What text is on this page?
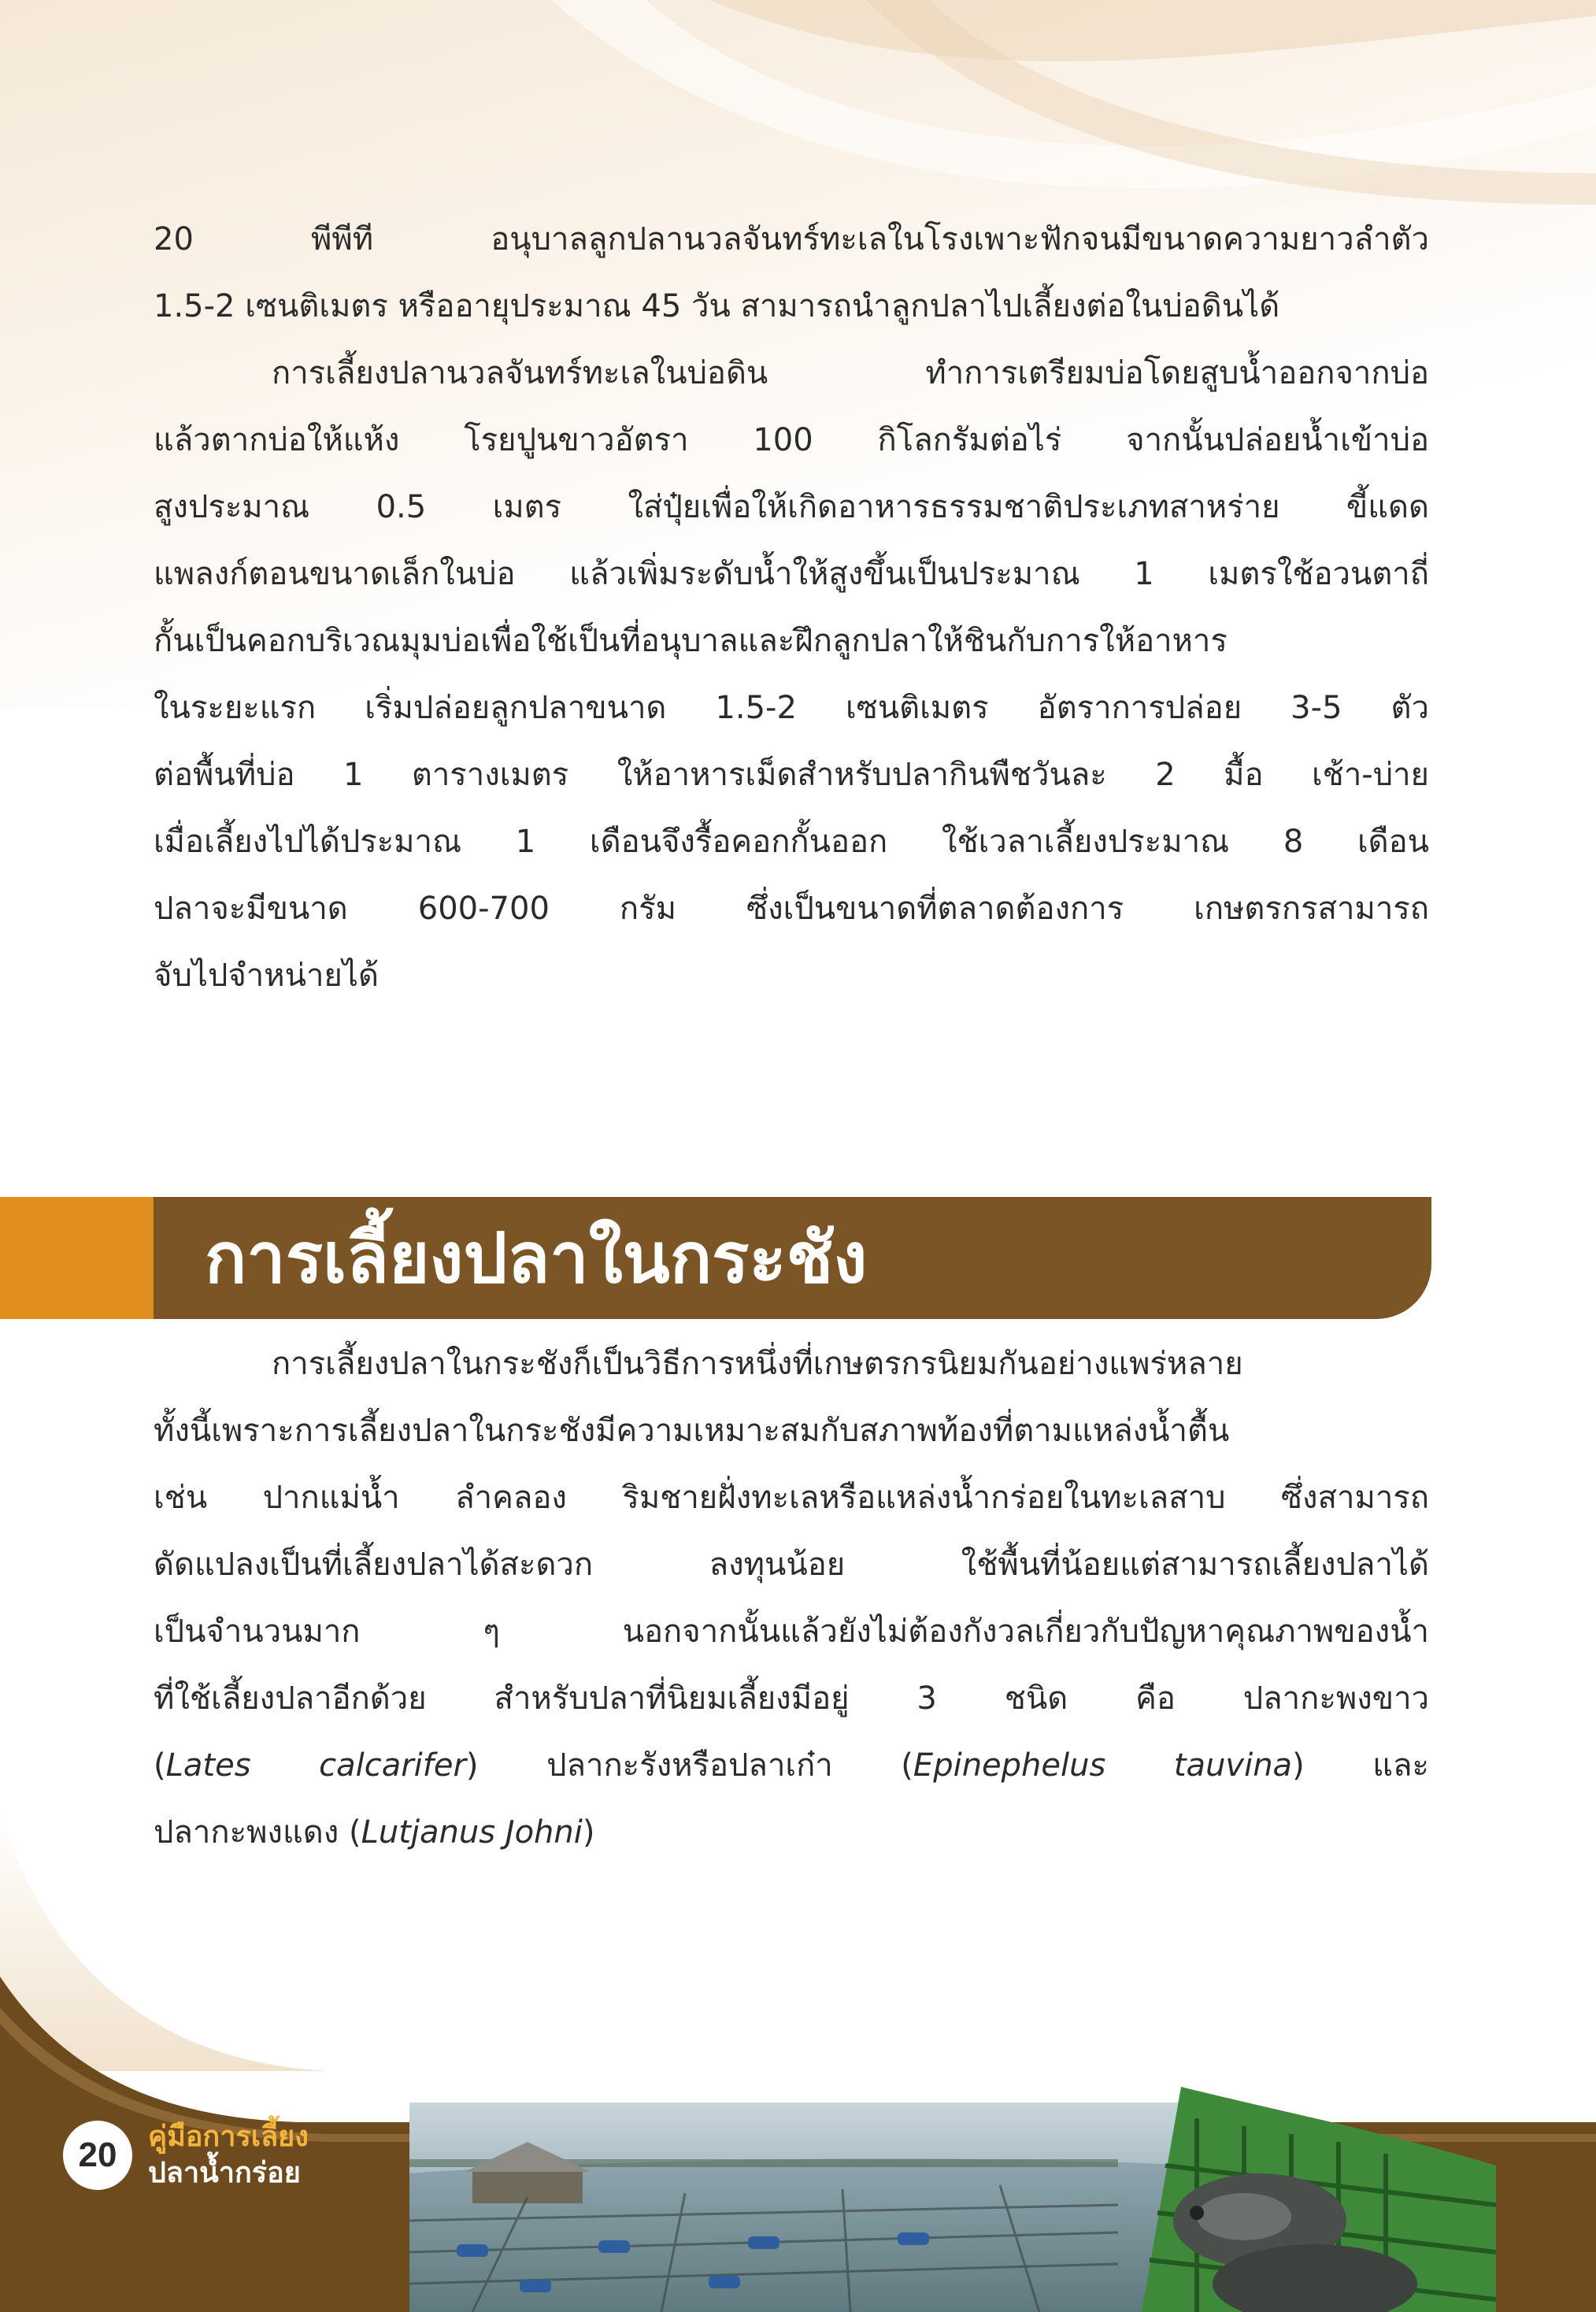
20 พีพีที อนุบาลลูกปลานวลจันทร์ทะเลในโรงเพาะฟักจนมีขนาดความยาวลำตัว
1.5-2 เซนติเมตร หรืออายุประมาณ 45 วัน สามารถนำลูกปลาไปเลี้ยงต่อในบ่อดินได้
การเลี้ยงปลานวลจันทร์ทะเลในบ่อดิน ทำการเตรียมบ่อโดยสูบน้ำออกจากบ่อ
แล้วตากบ่อให้แห้ง โรยปูนขาวอัตรา 100 กิโลกรัมต่อไร่ จากนั้นปล่อยน้ำเข้าบ่อ
สูงประมาณ 0.5 เมตร ใส่ปุ๋ยเพื่อให้เกิดอาหารธรรมชาติประเภทสาหร่าย ขี้แดด
แพลงก์ตอนขนาดเล็กในบ่อ แล้วเพิ่มระดับน้ำให้สูงขึ้นเป็นประมาณ 1 เมตรใช้อวนตาถี่
กั้นเป็นคอกบริเวณมุมบ่อเพื่อใช้เป็นที่อนุบาลและฝึกลูกปลาให้ชินกับการให้อาหาร
ในระยะแรก เริ่มปล่อยลูกปลาขนาด 1.5-2 เซนติเมตร อัตราการปล่อย 3-5 ตัว
ต่อพื้นที่บ่อ 1 ตารางเมตร ให้อาหารเม็ดสำหรับปลากินพืชวันละ 2 มื้อ เช้า-บ่าย
เมื่อเลี้ยงไปได้ประมาณ 1 เดือนจึงรื้อคอกกั้นออก ใช้เวลาเลี้ยงประมาณ 8 เดือน
ปลาจะมีขนาด 600-700 กรัม ซึ่งเป็นขนาดที่ตลาดต้องการ เกษตรกรสามารถ
จับไปจำหน่ายได้
การเลี้ยงปลาในกระชัง
การเลี้ยงปลาในกระชังก็เป็นวิธีการหนึ่งที่เกษตรกรนิยมกันอย่างแพร่หลาย
ทั้งนี้เพราะการเลี้ยงปลาในกระชังมีความเหมาะสมกับสภาพท้องที่ตามแหล่งน้ำตื้น
เช่น ปากแม่น้ำ ลำคลอง ริมชายฝั่งทะเลหรือแหล่งน้ำกร่อยในทะเลสาบ ซึ่งสามารถ
ดัดแปลงเป็นที่เลี้ยงปลาได้สะดวก ลงทุนน้อย ใช้พื้นที่น้อยแต่สามารถเลี้ยงปลาได้
เป็นจำนวนมาก ๆ นอกจากนั้นแล้วยังไม่ต้องกังวลเกี่ยวกับปัญหาคุณภาพของน้ำ
ที่ใช้เลี้ยงปลาอีกด้วย สำหรับปลาที่นิยมเลี้ยงมีอยู่ 3 ชนิด คือ ปลากะพงขาว
(Lates calcarifer) ปลากะรังหรือปลาเก๋า (Epinephelus tauvina) และ
ปลากะพงแดง (Lutjanus Johni)
20	คู่มือการเลี้ยง
ปลาน้ำกร่อย
